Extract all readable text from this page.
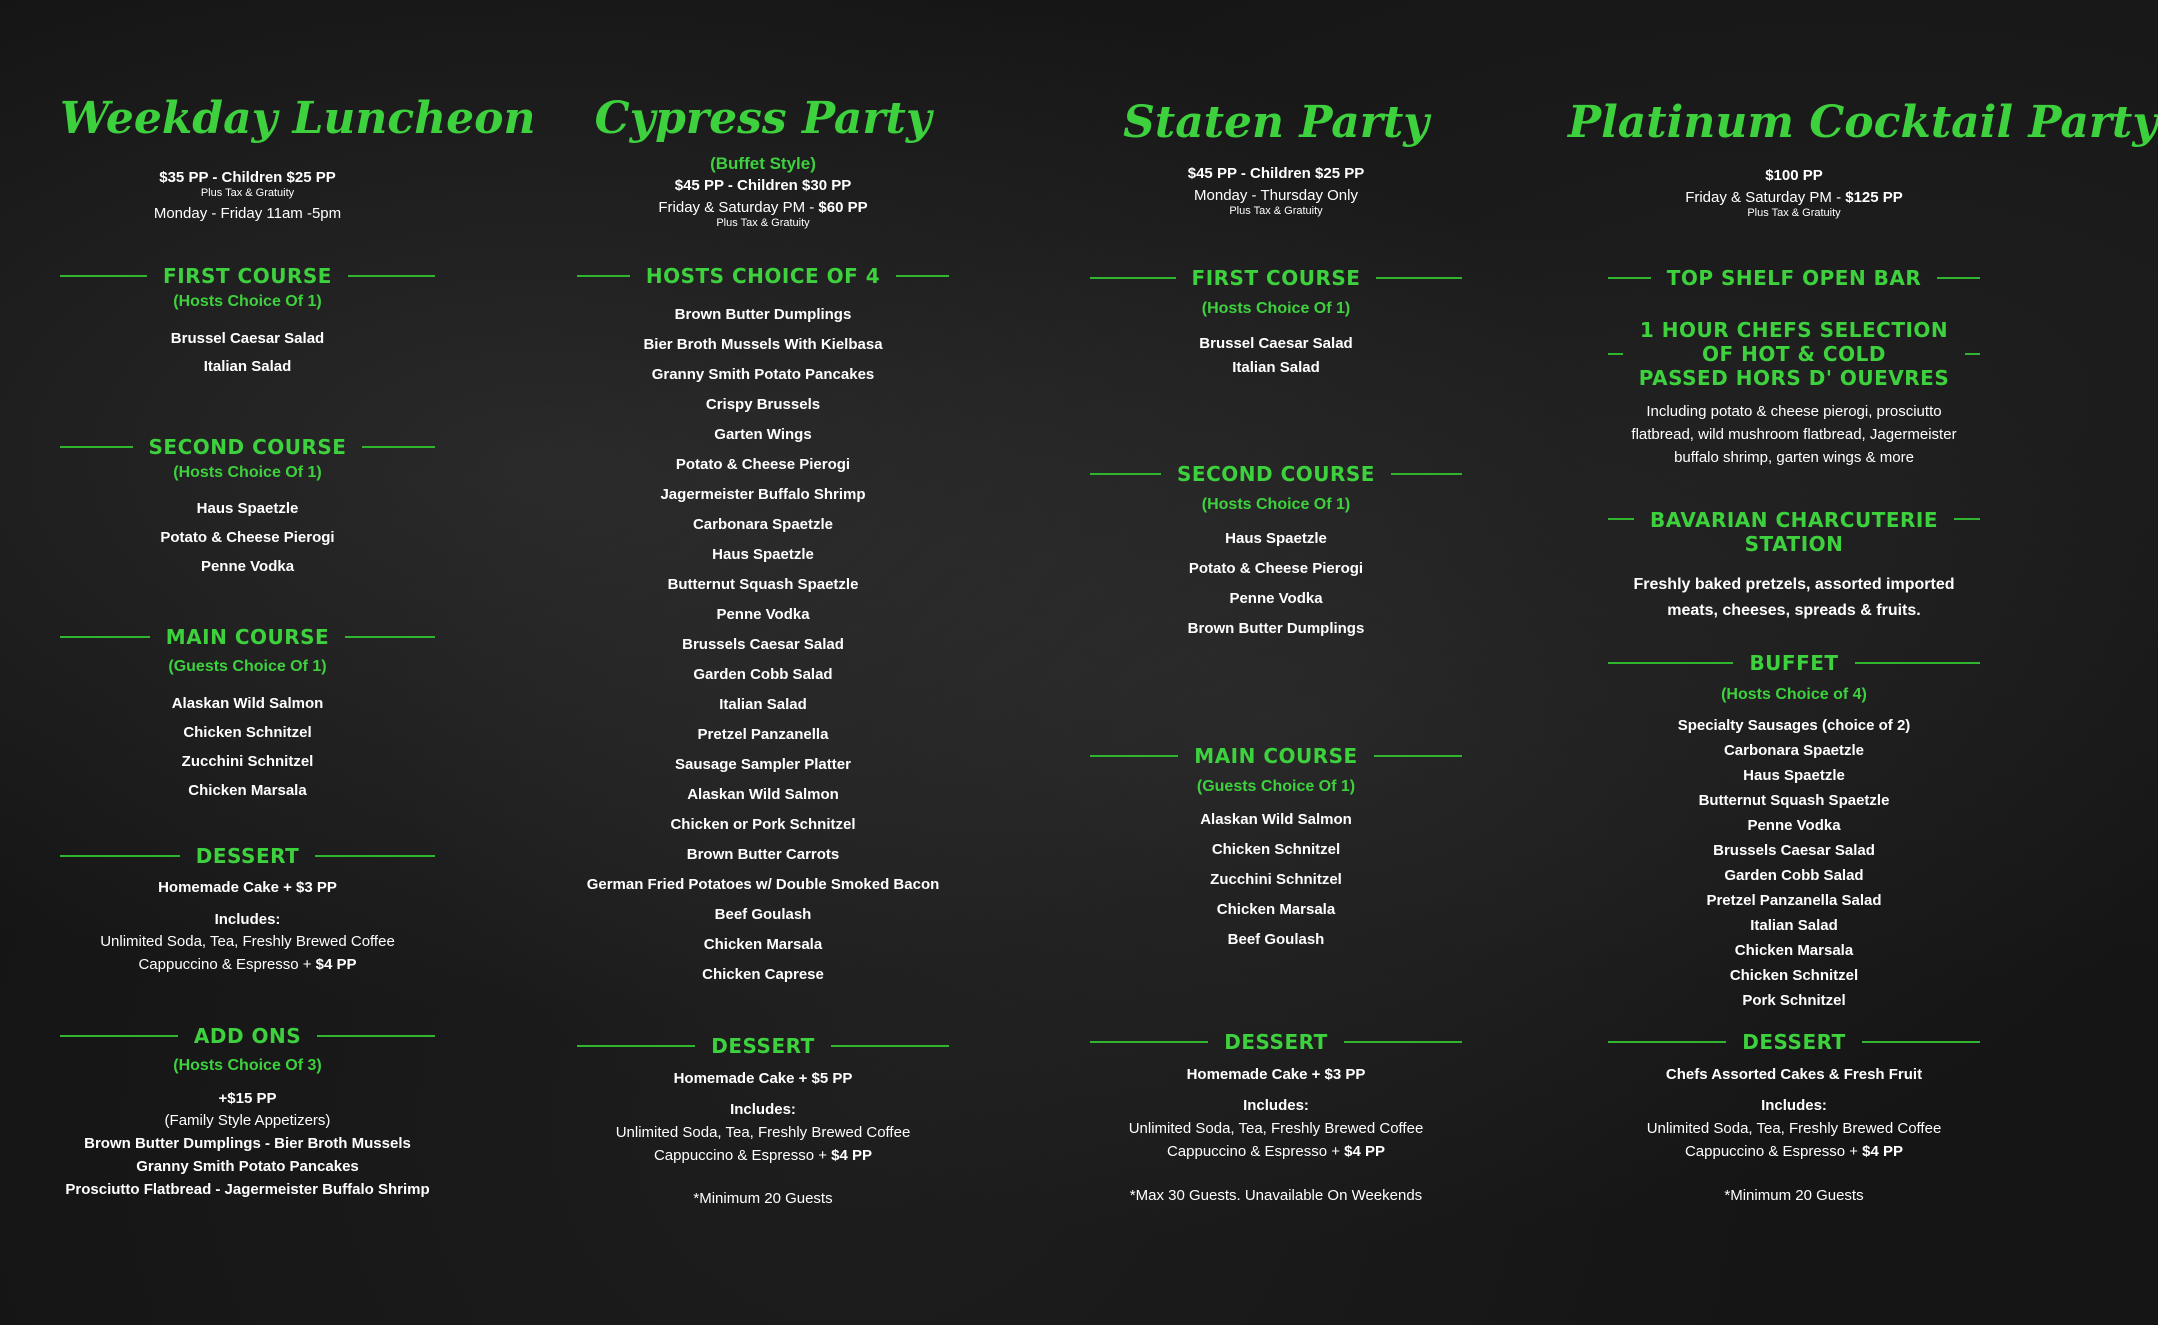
Weekday Luncheon
$35 PP - Children $25 PP
Plus Tax & Gratuity
Monday - Friday 11am -5pm
FIRST COURSE
(Hosts Choice Of 1)
Brussel Caesar Salad
Italian Salad
SECOND COURSE
(Hosts Choice Of 1)
Haus Spaetzle
Potato & Cheese Pierogi
Penne Vodka
MAIN COURSE
(Guests Choice Of 1)
Alaskan Wild Salmon
Chicken Schnitzel
Zucchini Schnitzel
Chicken Marsala
DESSERT
Homemade Cake + $3 PP
Includes:
Unlimited Soda, Tea, Freshly Brewed Coffee
Cappuccino & Espresso + $4 PP
ADD ONS
(Hosts Choice Of 3)
+$15 PP
(Family Style Appetizers)
Brown Butter Dumplings - Bier Broth Mussels
Granny Smith Potato Pancakes
Prosciutto Flatbread - Jagermeister Buffalo Shrimp
Cypress Party
(Buffet Style)
$45 PP - Children $30 PP
Friday & Saturday PM - $60 PP
Plus Tax & Gratuity
HOSTS CHOICE OF 4
Brown Butter Dumplings
Bier Broth Mussels With Kielbasa
Granny Smith Potato Pancakes
Crispy Brussels
Garten Wings
Potato & Cheese Pierogi
Jagermeister Buffalo Shrimp
Carbonara Spaetzle
Haus Spaetzle
Butternut Squash Spaetzle
Penne Vodka
Brussels Caesar Salad
Garden Cobb Salad
Italian Salad
Pretzel Panzanella
Sausage Sampler Platter
Alaskan Wild Salmon
Chicken or Pork Schnitzel
Brown Butter Carrots
German Fried Potatoes w/ Double Smoked Bacon
Beef Goulash
Chicken Marsala
Chicken Caprese
DESSERT
Homemade Cake + $5 PP
Includes:
Unlimited Soda, Tea, Freshly Brewed Coffee
Cappuccino & Espresso + $4 PP
*Minimum 20 Guests
Staten Party
$45 PP - Children $25 PP
Monday - Thursday Only
Plus Tax & Gratuity
FIRST COURSE
(Hosts Choice Of 1)
Brussel Caesar Salad
Italian Salad
SECOND COURSE
(Hosts Choice Of 1)
Haus Spaetzle
Potato & Cheese Pierogi
Penne Vodka
Brown Butter Dumplings
MAIN COURSE
(Guests Choice Of 1)
Alaskan Wild Salmon
Chicken Schnitzel
Zucchini Schnitzel
Chicken Marsala
Beef Goulash
DESSERT
Homemade Cake + $3 PP
Includes:
Unlimited Soda, Tea, Freshly Brewed Coffee
Cappuccino & Espresso + $4 PP
*Max 30 Guests. Unavailable On Weekends
Platinum Cocktail Party
$100 PP
Friday & Saturday PM - $125 PP
Plus Tax & Gratuity
TOP SHELF OPEN BAR
1 HOUR CHEFS SELECTION
OF HOT & COLD
PASSED HORS D' OUEVRES
Including potato & cheese pierogi, prosciutto
flatbread, wild mushroom flatbread, Jagermeister
buffalo shrimp, garten wings & more
BAVARIAN CHARCUTERIE
STATION
Freshly baked pretzels, assorted imported
meats, cheeses, spreads & fruits.
BUFFET
(Hosts Choice of 4)
Specialty Sausages (choice of 2)
Carbonara Spaetzle
Haus Spaetzle
Butternut Squash Spaetzle
Penne Vodka
Brussels Caesar Salad
Garden Cobb Salad
Pretzel Panzanella Salad
Italian Salad
Chicken Marsala
Chicken Schnitzel
Pork Schnitzel
DESSERT
Chefs Assorted Cakes & Fresh Fruit
Includes:
Unlimited Soda, Tea, Freshly Brewed Coffee
Cappuccino & Espresso + $4 PP
*Minimum 20 Guests
